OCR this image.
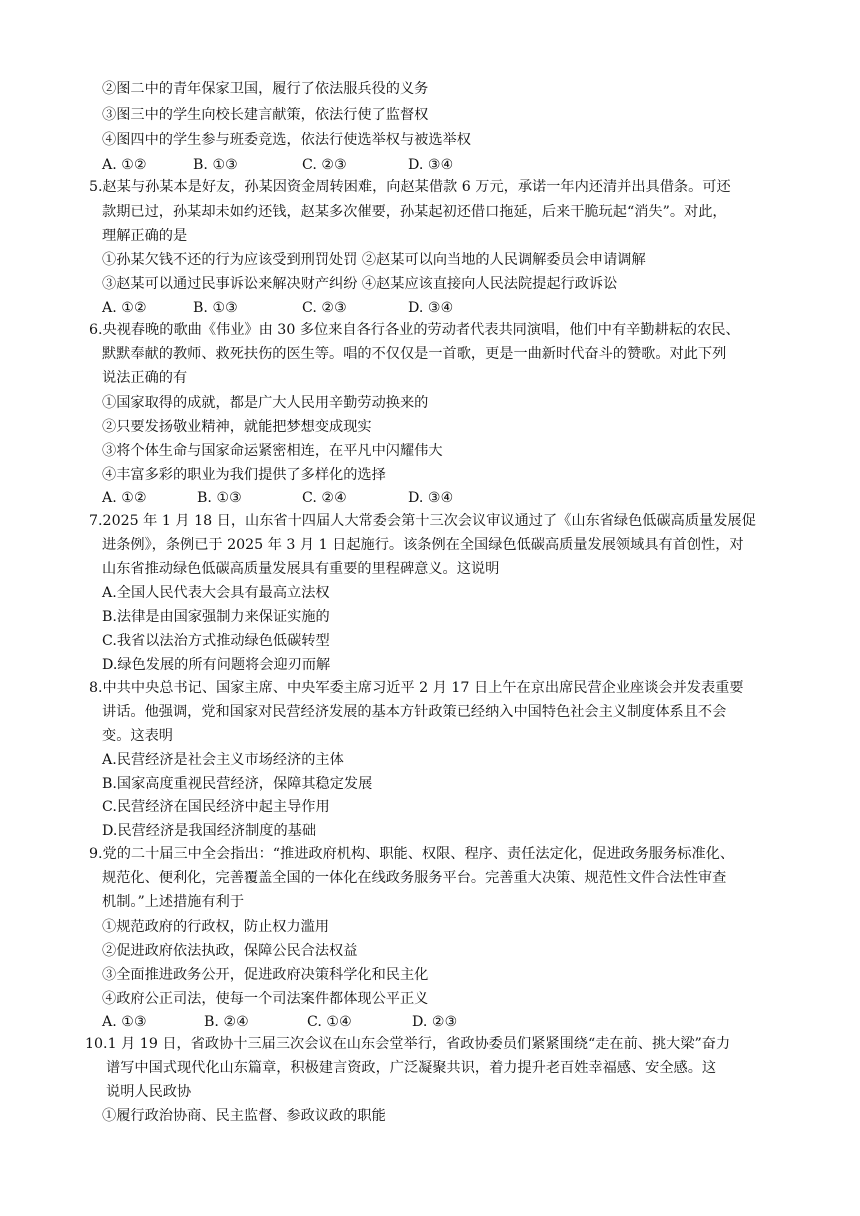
②图二中的青年保家卫国，履行了依法服兵役的义务
③图三中的学生向校长建言献策，依法行使了监督权
④图四中的学生参与班委竞选，依法行使选举权与被选举权
A. ①②	B. ①③	C. ②③	D. ③④
5.赵某与孙某本是好友，孙某因资金周转困难，向赵某借款 6 万元，承诺一年内还清并出具借条。可还
款期已过，孙某却未如约还钱，赵某多次催要，孙某起初还借口拖延，后来干脆玩起“消失”。对此，
理解正确的是
①孙某欠钱不还的行为应该受到刑罚处罚 ②赵某可以向当地的人民调解委员会申请调解
③赵某可以通过民事诉讼来解决财产纠纷 ④赵某应该直接向人民法院提起行政诉讼
A. ①②	B. ①③	C. ②③	D. ③④
6.央视春晚的歌曲《伟业》由 30 多位来自各行各业的劳动者代表共同演唱，他们中有辛勤耕耘的农民、
默默奉献的教师、救死扶伤的医生等。唱的不仅仅是一首歌，更是一曲新时代奋斗的赞歌。对此下列
说法正确的有
①国家取得的成就，都是广大人民用辛勤劳动换来的
②只要发扬敬业精神，就能把梦想变成现实
③将个体生命与国家命运紧密相连，在平凡中闪耀伟大
④丰富多彩的职业为我们提供了多样化的选择
A. ①②	B. ①③	C. ②④	D. ③④
7.2025 年 1 月 18 日，山东省十四届人大常委会第十三次会议审议通过了《山东省绿色低碳高质量发展促
进条例》，条例已于 2025 年 3 月 1 日起施行。该条例在全国绿色低碳高质量发展领域具有首创性，对
山东省推动绿色低碳高质量发展具有重要的里程碑意义。这说明
A.全国人民代表大会具有最高立法权
B.法律是由国家强制力来保证实施的
C.我省以法治方式推动绿色低碳转型
D.绿色发展的所有问题将会迎刃而解
8.中共中央总书记、国家主席、中央军委主席习近平 2 月 17 日上午在京出席民营企业座谈会并发表重要
讲话。他强调，党和国家对民营经济发展的基本方针政策已经纳入中国特色社会主义制度体系且不会
变。这表明
A.民营经济是社会主义市场经济的主体
B.国家高度重视民营经济，保障其稳定发展
C.民营经济在国民经济中起主导作用
D.民营经济是我国经济制度的基础
9.党的二十届三中全会指出：“推进政府机构、职能、权限、程序、责任法定化，促进政务服务标准化、
规范化、便利化，完善覆盖全国的一体化在线政务服务平台。完善重大决策、规范性文件合法性审查
机制。”上述措施有利于
①规范政府的行政权，防止权力滥用
②促进政府依法执政，保障公民合法权益
③全面推进政务公开，促进政府决策科学化和民主化
④政府公正司法，使每一个司法案件都体现公平正义
A. ①③	B. ②④	C. ①④	D. ②③
10.1 月 19 日，省政协十三届三次会议在山东会堂举行，省政协委员们紧紧围绕“走在前、挑大梁”奋力
谱写中国式现代化山东篇章，积极建言资政，广泛凝聚共识，着力提升老百姓幸福感、安全感。这
说明人民政协
①履行政治协商、民主监督、参政议政的职能
